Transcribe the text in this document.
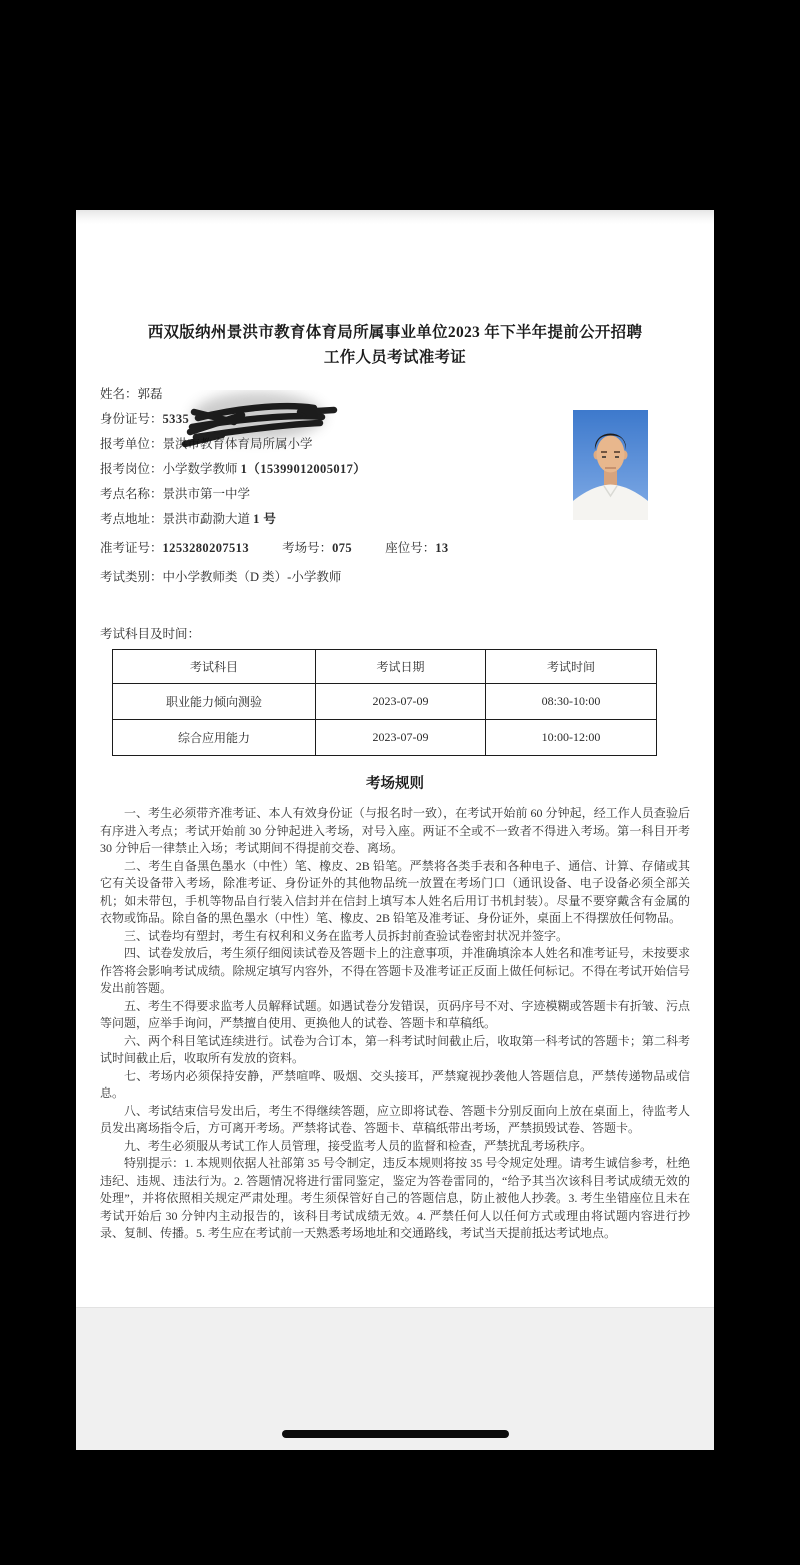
西双版纳州景洪市教育体育局所属事业单位2023 年下半年提前公开招聘
工作人员考试准考证
姓名：郭磊
身份证号：5335
报考单位：景洪市教育体育局所属小学
报考岗位：小学数学教师 1（15399012005017）
考点名称：景洪市第一中学
考点地址：景洪市勐泐大道 1 号
准考证号：1253280207513	考场号：075	座位号：13
考试类别：中小学教师类（D 类）-小学教师
考试科目及时间：
考试科目	考试日期	考试时间
职业能力倾向测验	2023-07-09	08:30-10:00
综合应用能力	2023-07-09	10:00-12:00
考场规则

一、考生必须带齐准考证、本人有效身份证（与报名时一致），在考试开始前 60 分钟起，经工作人员查验后有序进入考点；考试开始前 30 分钟起进入考场，对号入座。两证不全或不一致者不得进入考场。第一科目开考 30 分钟后一律禁止入场；考试期间不得提前交卷、离场。

二、考生自备黑色墨水（中性）笔、橡皮、2B 铅笔。严禁将各类手表和各种电子、通信、计算、存储或其它有关设备带入考场，除准考证、身份证外的其他物品统一放置在考场门口（通讯设备、电子设备必须全部关机；如未带包，手机等物品自行装入信封并在信封上填写本人姓名后用订书机封装）。尽量不要穿戴含有金属的衣物或饰品。除自备的黑色墨水（中性）笔、橡皮、2B 铅笔及准考证、身份证外，桌面上不得摆放任何物品。

三、试卷均有塑封，考生有权利和义务在监考人员拆封前查验试卷密封状况并签字。

四、试卷发放后，考生须仔细阅读试卷及答题卡上的注意事项，并准确填涂本人姓名和准考证号，未按要求作答将会影响考试成绩。除规定填写内容外，不得在答题卡及准考证正反面上做任何标记。不得在考试开始信号发出前答题。

五、考生不得要求监考人员解释试题。如遇试卷分发错误，页码序号不对、字迹模糊或答题卡有折皱、污点等问题，应举手询问，严禁擅自使用、更换他人的试卷、答题卡和草稿纸。

六、两个科目笔试连续进行。试卷为合订本，第一科考试时间截止后，收取第一科考试的答题卡；第二科考试时间截止后，收取所有发放的资料。

七、考场内必须保持安静，严禁喧哗、吸烟、交头接耳，严禁窥视抄袭他人答题信息，严禁传递物品或信息。

八、考试结束信号发出后，考生不得继续答题，应立即将试卷、答题卡分别反面向上放在桌面上，待监考人员发出离场指令后，方可离开考场。严禁将试卷、答题卡、草稿纸带出考场，严禁损毁试卷、答题卡。

九、考生必须服从考试工作人员管理，接受监考人员的监督和检查，严禁扰乱考场秩序。

特别提示：1. 本规则依据人社部第 35 号令制定，违反本规则将按 35 号令规定处理。请考生诚信参考，杜绝违纪、违规、违法行为。2. 答题情况将进行雷同鉴定，鉴定为答卷雷同的，“给予其当次该科目考试成绩无效的处理”，并将依照相关规定严肃处理。考生须保管好自己的答题信息，防止被他人抄袭。3. 考生坐错座位且未在考试开始后 30 分钟内主动报告的，该科目考试成绩无效。4. 严禁任何人以任何方式或理由将试题内容进行抄录、复制、传播。5. 考生应在考试前一天熟悉考场地址和交通路线，考试当天提前抵达考试地点。
